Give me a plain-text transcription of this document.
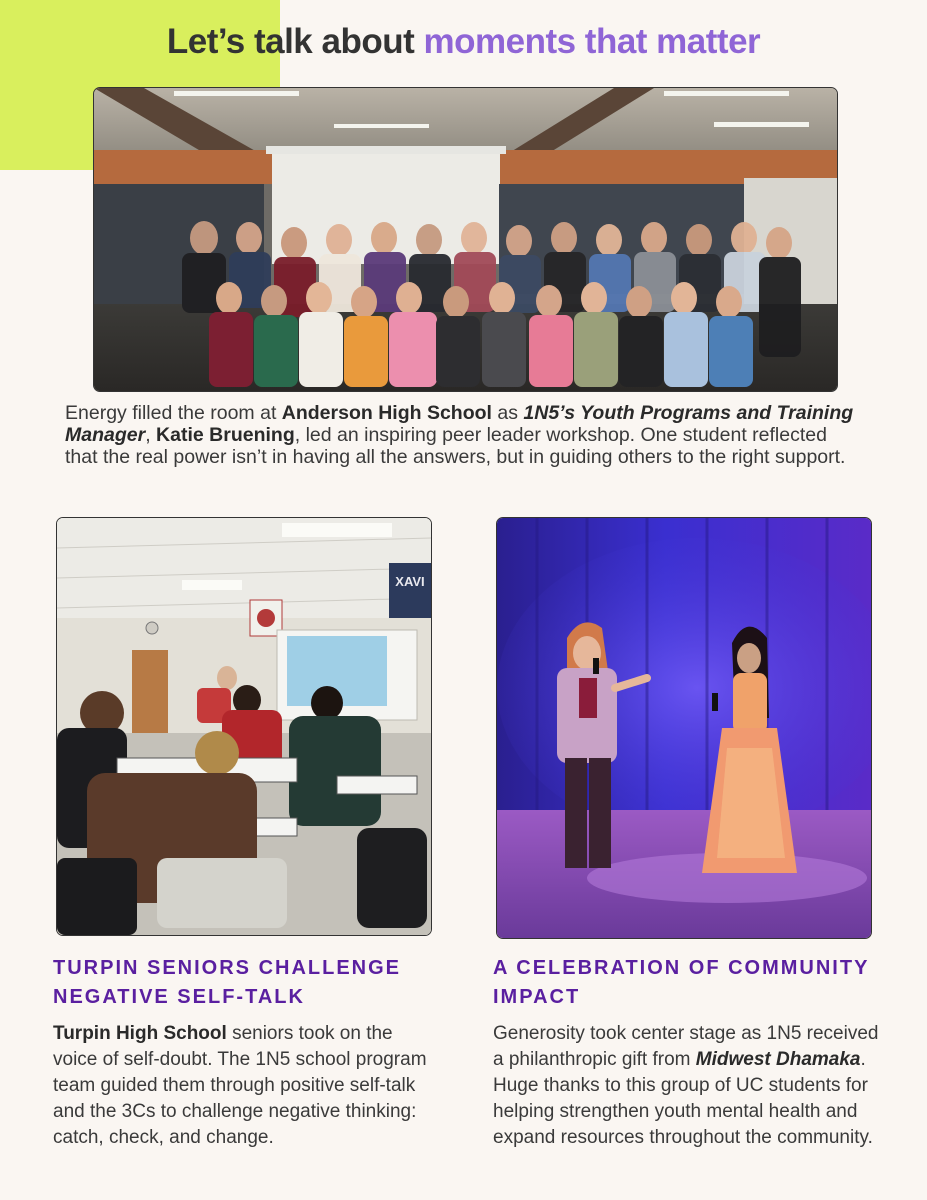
Let’s talk about moments that matter

Energy filled the room at Anderson High School as 1N5’s Youth Programs and Training Manager, Katie Bruening, led an inspiring peer leader workshop. One student reflected that the real power isn’t in having all the answers, but in guiding others to the right support.

XAVI
TURPIN SENIORS CHALLENGE NEGATIVE SELF-TALK

Turpin High School seniors took on the voice of self-doubt. The 1N5 school program team guided them through positive self-talk and the 3Cs to challenge negative thinking: catch, check, and change.

A CELEBRATION OF COMMUNITY IMPACT

Generosity took center stage as 1N5 received a philanthropic gift from Midwest Dhamaka. Huge thanks to this group of UC students for helping strengthen youth mental health and expand resources throughout the community.
